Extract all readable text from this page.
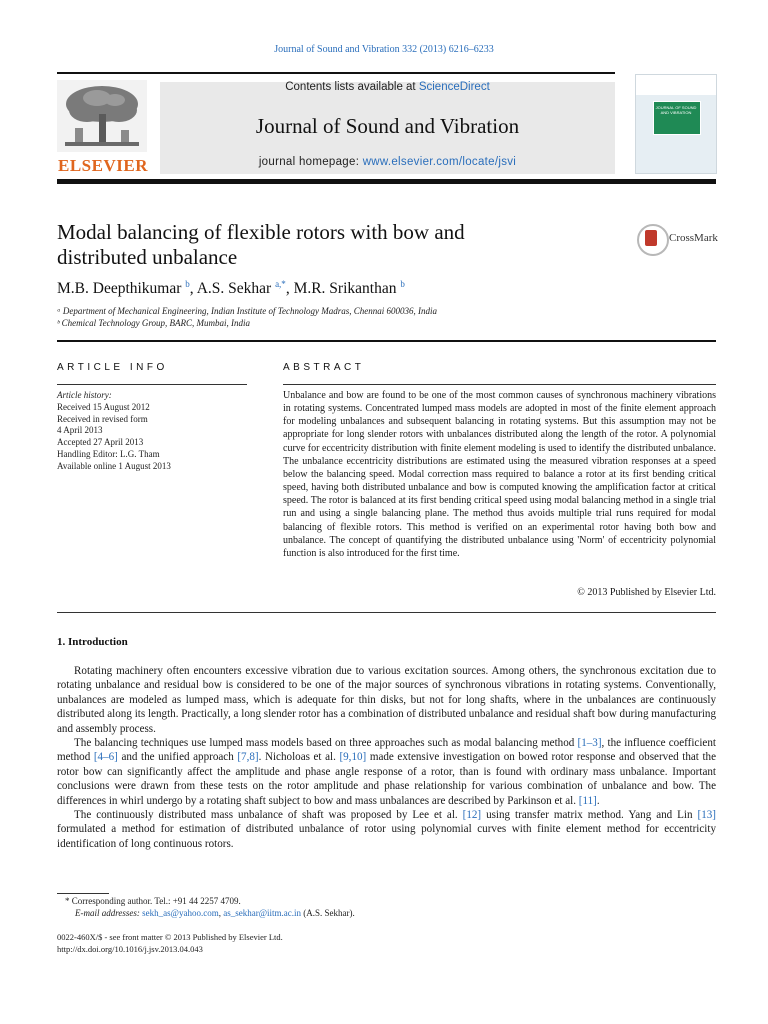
Journal of Sound and Vibration 332 (2013) 6216–6233
ELSEVIER
Contents lists available at ScienceDirect
Journal of Sound and Vibration
journal homepage: www.elsevier.com/locate/jsvi
JOURNAL OF SOUND AND VIBRATION
Modal balancing of flexible rotors with bow and distributed unbalance
CrossMark
M.B. Deepthikumar $^b$, A.S. Sekhar $^{a,*}$, M.R. Srikanthan $^b$
ᵃ Department of Mechanical Engineering, Indian Institute of Technology Madras, Chennai 600036, India
ᵇ Chemical Technology Group, BARC, Mumbai, India
ARTICLE INFO	ABSTRACT
Article history:
Received 15 August 2012
Received in revised form
4 April 2013
Accepted 27 April 2013
Handling Editor: L.G. Tham
Available online 1 August 2013
Unbalance and bow are found to be one of the most common causes of synchronous machinery vibrations in rotating systems. Concentrated lumped mass models are adopted in most of the finite element approach for modeling unbalances and subsequent balancing in rotating systems. But this assumption may not be appropriate for long slender rotors with unbalances distributed along the length of the rotor. A polynomial curve for eccentricity distribution with finite element modeling is used to identify the distributed unbalance. The unbalance eccentricity distributions are estimated using the measured vibration responses at a speed below the balancing speed. Modal correction mass required to balance a rotor at its first bending critical speed, having both distributed unbalance and bow is computed knowing the amplification factor at critical speed. The rotor is balanced at its first bending critical speed using modal balancing method in a single trial run and using a single balancing plane. The method thus avoids multiple trial runs required for modal balancing of flexible rotors. This method is verified on an experimental rotor having both bow and unbalance. The concept of quantifying the distributed unbalance using 'Norm' of eccentricity polynomial function is also introduced for the first time.
© 2013 Published by Elsevier Ltd.
1. Introduction

Rotating machinery often encounters excessive vibration due to various excitation sources. Among others, the synchronous excitation due to rotating unbalance and residual bow is considered to be one of the major sources of synchronous vibrations in rotating systems. Conventionally, unbalances are modeled as lumped mass, which is adequate for thin disks, but not for long shafts, where in the unbalances are continuously distributed along its length. Practically, a long slender rotor has a combination of distributed unbalance and residual shaft bow during manufacturing and assembly process.

The balancing techniques use lumped mass models based on three approaches such as modal balancing method [1–3], the influence coefficient method [4–6] and the unified approach [7,8]. Nicholoas et al. [9,10] made extensive investigation on bowed rotor response and observed that the rotor bow can significantly affect the amplitude and phase angle response of a rotor, than is found with ordinary mass unbalance. Important conclusions were drawn from these tests on the rotor amplitude and phase relationship for various combination of unbalance and bow. The differences in whirl undergo by a rotating shaft subject to bow and mass unbalances are described by Parkinson et al. [11].

The continuously distributed mass unbalance of shaft was proposed by Lee et al. [12] using transfer matrix method. Yang and Lin [13] formulated a method for estimation of distributed unbalance of rotor using polynomial curves with finite element method for eccentricity identification of long continuous rotors.

* Corresponding author. Tel.: +91 44 2257 4709.
E-mail addresses: sekh_as@yahoo.com, as_sekhar@iitm.ac.in (A.S. Sekhar).
0022-460X/$ - see front matter © 2013 Published by Elsevier Ltd.
http://dx.doi.org/10.1016/j.jsv.2013.04.043
